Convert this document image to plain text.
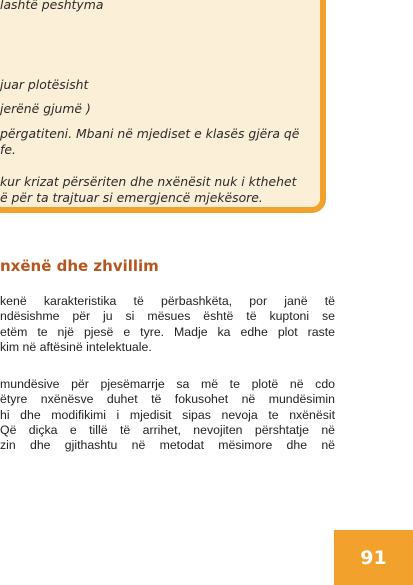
lashtë peshtyma

juar plotësisht

jerënë gjumë )

përgatiteni. Mbani në mjediset e klasës gjëra që

fe.

kur krizat përsëriten dhe nxënësit nuk i kthehet

ë për ta trajtuar si emergjencë mjekësore.

nxënë dhe zhvillim
kenë karakteristika të përbashkëta, por janë të
ndësishme për ju si mësues është të kuptoni se
etëm te një pjesë e tyre. Madje ka edhe plot raste
kim në aftësinë intelektuale.
mundësive për pjesëmarrje sa më te plotë në cdo
ëtyre nxënësve duhet të fokusohet në mundësimin
hi dhe modifikimi i mjedisit sipas nevoja te nxënësit
Që diçka e tillë të arrihet, nevojiten përshtatje në
zin dhe gjithashtu në metodat mësimore dhe në
91
